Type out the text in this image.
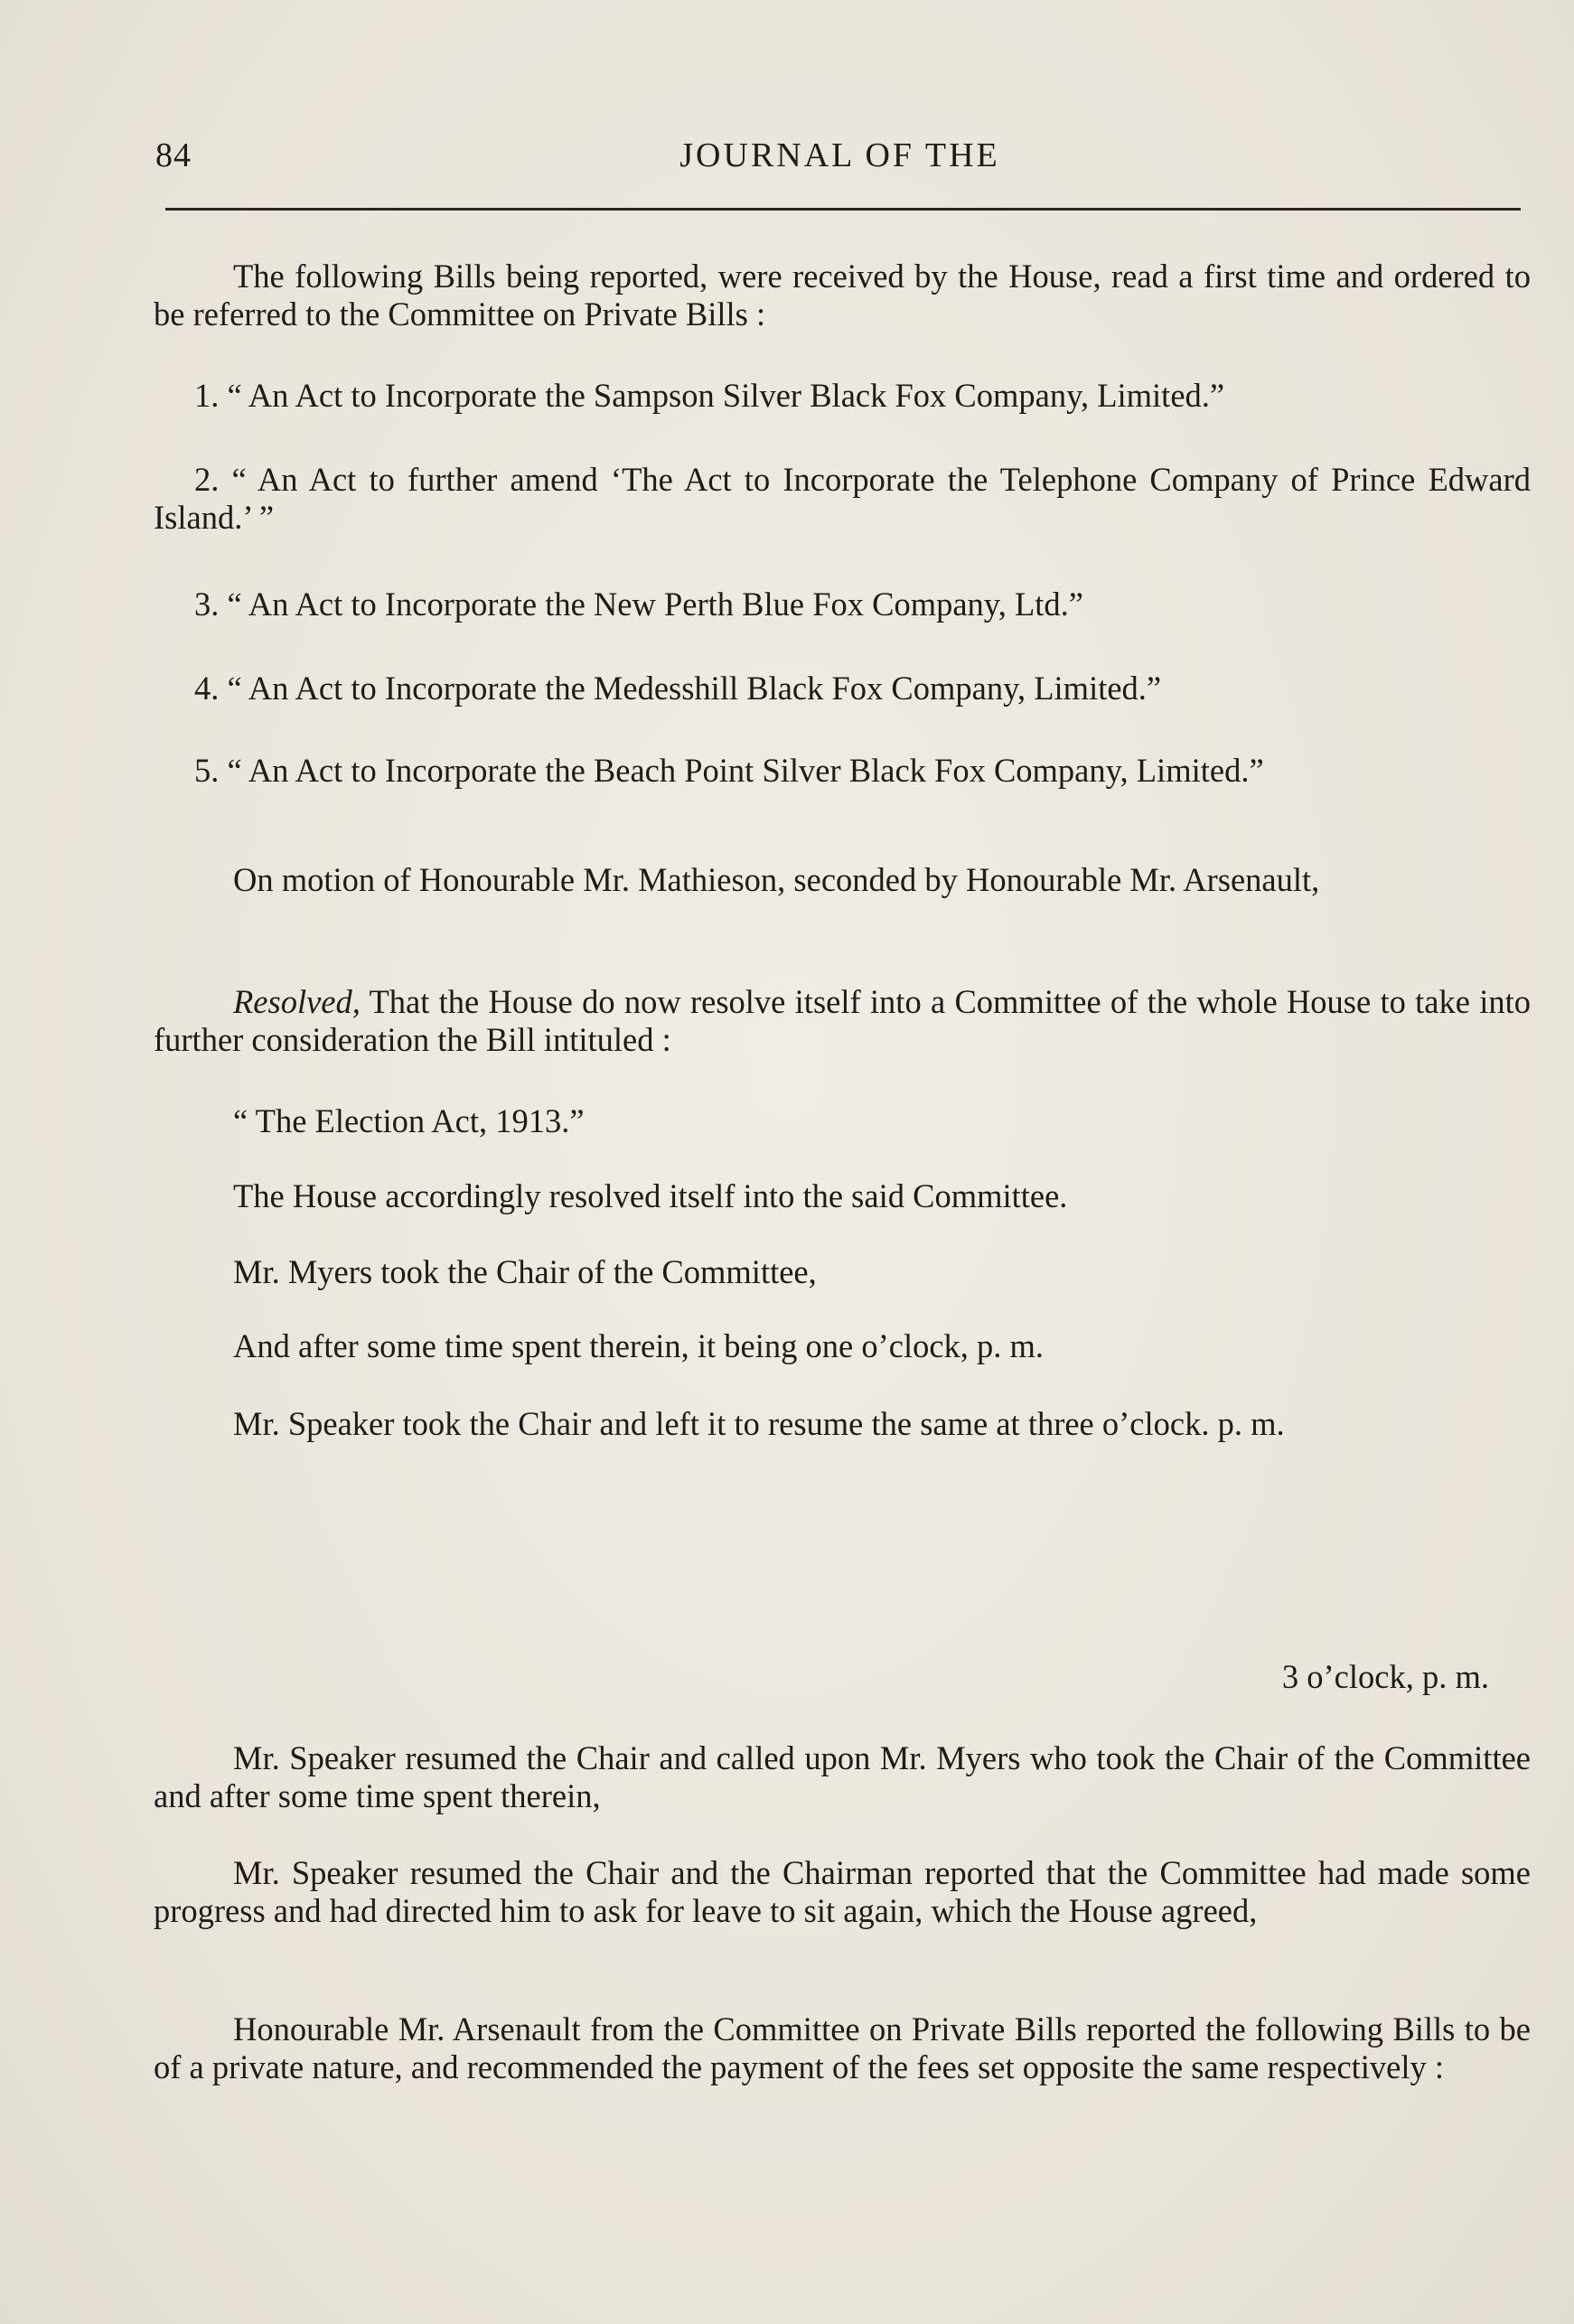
84	JOURNAL OF THE

The following Bills being reported, were received by the House, read a first time and ordered to be referred to the Committee on Private Bills :

1. “ An Act to Incorporate the Sampson Silver Black Fox Company, Limited.”

2. “ An Act to further amend ‘The Act to Incorporate the Telephone Company of Prince Edward Island.’ ”

3. “ An Act to Incorporate the New Perth Blue Fox Company, Ltd.”

4. “ An Act to Incorporate the Medesshill Black Fox Company, Limited.”

5. “ An Act to Incorporate the Beach Point Silver Black Fox Company, Limited.”

On motion of Honourable Mr. Mathieson, seconded by Honourable Mr. Arsenault,

Resolved, That the House do now resolve itself into a Committee of the whole House to take into further consideration the Bill intituled :

“ The Election Act, 1913.”

The House accordingly resolved itself into the said Committee.

Mr. Myers took the Chair of the Committee,

And after some time spent therein, it being one o’clock, p. m.

Mr. Speaker took the Chair and left it to resume the same at three o’clock. p. m.

3 o’clock, p. m.

Mr. Speaker resumed the Chair and called upon Mr. Myers who took the Chair of the Committee and after some time spent therein,

Mr. Speaker resumed the Chair and the Chairman reported that the Committee had made some progress and had directed him to ask for leave to sit again, which the House agreed,

Honourable Mr. Arsenault from the Committee on Private Bills reported the following Bills to be of a private nature, and recommended the payment of the fees set opposite the same respectively :
